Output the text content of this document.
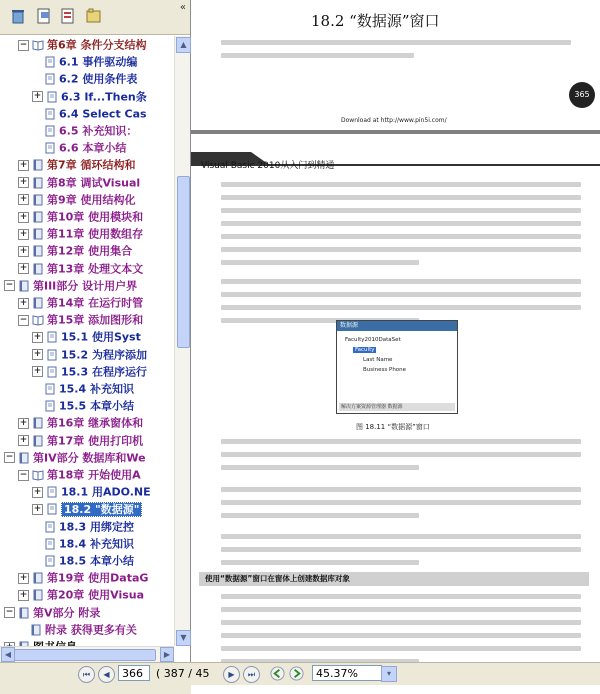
«
− 第6章 条件分支结构
6.1 事件驱动编
6.2 使用条件表
+ 6.3 If...Then条
6.4 Select Cas
6.5 补充知识：
6.6 本章小结
+ 第7章 循环结构和
+ 第8章 调试Visual
+ 第9章 使用结构化
+ 第10章 使用模块和
+ 第11章 使用数组存
+ 第12章 使用集合
+ 第13章 处理文本文
− 第III部分 设计用户界
+ 第14章 在运行时管
− 第15章 添加图形和
+ 15.1 使用Syst
+ 15.2 为程序添加
+ 15.3 在程序运行
15.4 补充知识
15.5 本章小结
+ 第16章 继承窗体和
+ 第17章 使用打印机
− 第IV部分 数据库和We
− 第18章 开始使用A
+ 18.1 用ADO.NE
+ 18.2 "数据源"
18.3 用绑定控
18.4 补充知识
18.5 本章小结
+ 第19章 使用DataG
+ 第20章 使用Visua
− 第V部分 附录
附录 获得更多有关
▲
▼
◀	▶
18.2 “数据源”窗口
365
Download at http://www.pin5i.com/
Visual Basic 2010从入门到精通
数据源
Faculty2010DataSet
Faculty
Last Name
Business Phone
解决方案资源管理器 数据源
图 18.11 “数据源”窗口
使用“数据源”窗口在窗体上创建数据库对象
⏮	◀	366	( 387 / 45	▶	⏭	45.37%	▾
